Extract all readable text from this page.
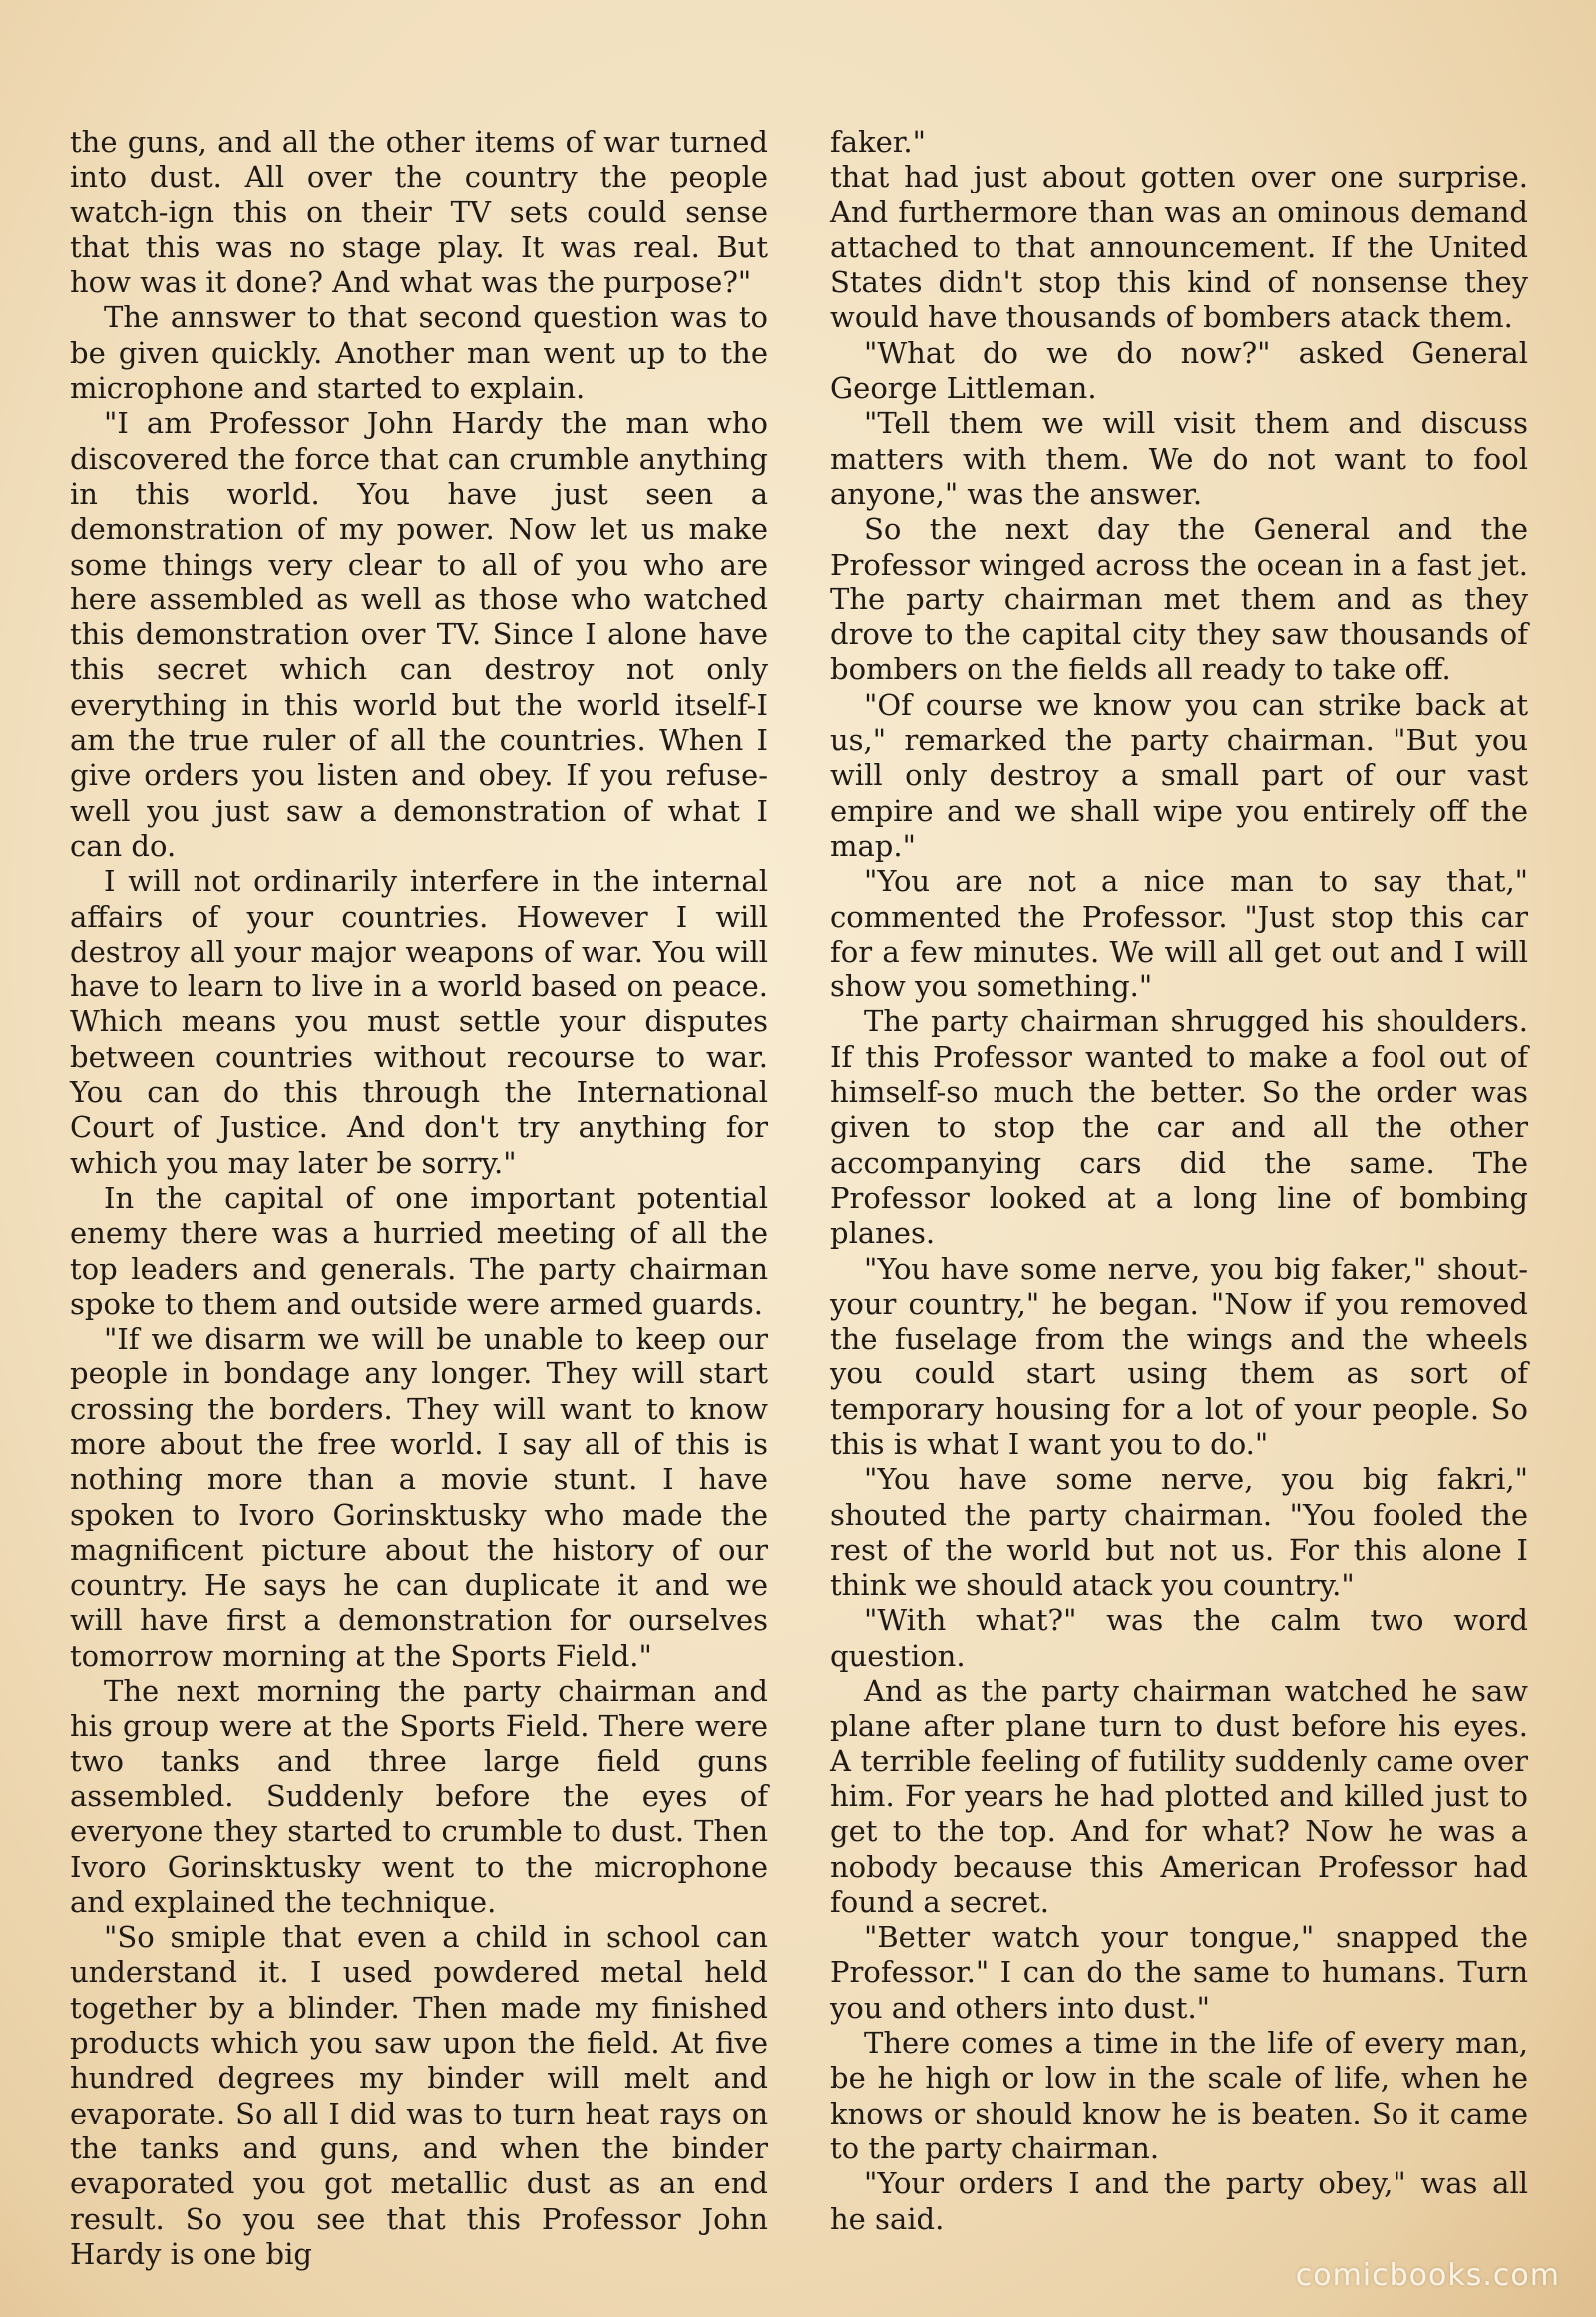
the guns, and all the other items of war turned into dust. All over the country the people watch-ign this on their TV sets could sense that this was no stage play. It was real. But how was it done? And what was the purpose?"

The annswer to that second question was to be given quickly. Another man went up to the microphone and started to explain.

"I am Professor John Hardy the man who discovered the force that can crumble anything in this world. You have just seen a demonstration of my power. Now let us make some things very clear to all of you who are here assembled as well as those who watched this demonstration over TV. Since I alone have this secret which can destroy not only everything in this world but the world itself-I am the true ruler of all the countries. When I give orders you listen and obey. If you refuse-well you just saw a demonstration of what I can do.

I will not ordinarily interfere in the internal affairs of your countries. However I will destroy all your major weapons of war. You will have to learn to live in a world based on peace. Which means you must settle your disputes between countries without recourse to war. You can do this through the International Court of Justice. And don't try anything for which you may later be sorry."

In the capital of one important potential enemy there was a hurried meeting of all the top leaders and generals. The party chairman spoke to them and outside were armed guards.

"If we disarm we will be unable to keep our people in bondage any longer. They will start crossing the borders. They will want to know more about the free world. I say all of this is nothing more than a movie stunt. I have spoken to Ivoro Gorinsktusky who made the magnificent picture about the history of our country. He says he can duplicate it and we will have first a demonstration for ourselves tomorrow morning at the Sports Field."

The next morning the party chairman and his group were at the Sports Field. There were two tanks and three large field guns assembled. Suddenly before the eyes of everyone they started to crumble to dust. Then Ivoro Gorinsktusky went to the microphone and explained the technique.

"So smiple that even a child in school can understand it. I used powdered metal held together by a blinder. Then made my finished products which you saw upon the field. At five hundred degrees my binder will melt and evaporate. So all I did was to turn heat rays on the tanks and guns, and when the binder evaporated you got metallic dust as an end result. So you see that this Professor John Hardy is one big

faker."

that had just about gotten over one surprise. And furthermore than was an ominous demand attached to that announcement. If the United States didn't stop this kind of nonsense they would have thousands of bombers atack them.

"What do we do now?" asked General George Littleman.

"Tell them we will visit them and discuss matters with them. We do not want to fool anyone," was the answer.

So the next day the General and the Professor winged across the ocean in a fast jet. The party chairman met them and as they drove to the capital city they saw thousands of bombers on the fields all ready to take off.

"Of course we know you can strike back at us," remarked the party chairman. "But you will only destroy a small part of our vast empire and we shall wipe you entirely off the map."

"You are not a nice man to say that," commented the Professor. "Just stop this car for a few minutes. We will all get out and I will show you something."

The party chairman shrugged his shoulders. If this Professor wanted to make a fool out of himself-so much the better. So the order was given to stop the car and all the other accompanying cars did the same. The Professor looked at a long line of bombing planes.

"You have some nerve, you big faker," shout-your country," he began. "Now if you removed the fuselage from the wings and the wheels you could start using them as sort of temporary housing for a lot of your people. So this is what I want you to do."

"You have some nerve, you big fakri," shouted the party chairman. "You fooled the rest of the world but not us. For this alone I think we should atack you country."

"With what?" was the calm two word question.

And as the party chairman watched he saw plane after plane turn to dust before his eyes. A terrible feeling of futility suddenly came over him. For years he had plotted and killed just to get to the top. And for what? Now he was a nobody because this American Professor had found a secret.

"Better watch your tongue," snapped the Professor." I can do the same to humans. Turn you and others into dust."

There comes a time in the life of every man, be he high or low in the scale of life, when he knows or should know he is beaten. So it came to the party chairman.

"Your orders I and the party obey," was all he said.

comicbooks.com
